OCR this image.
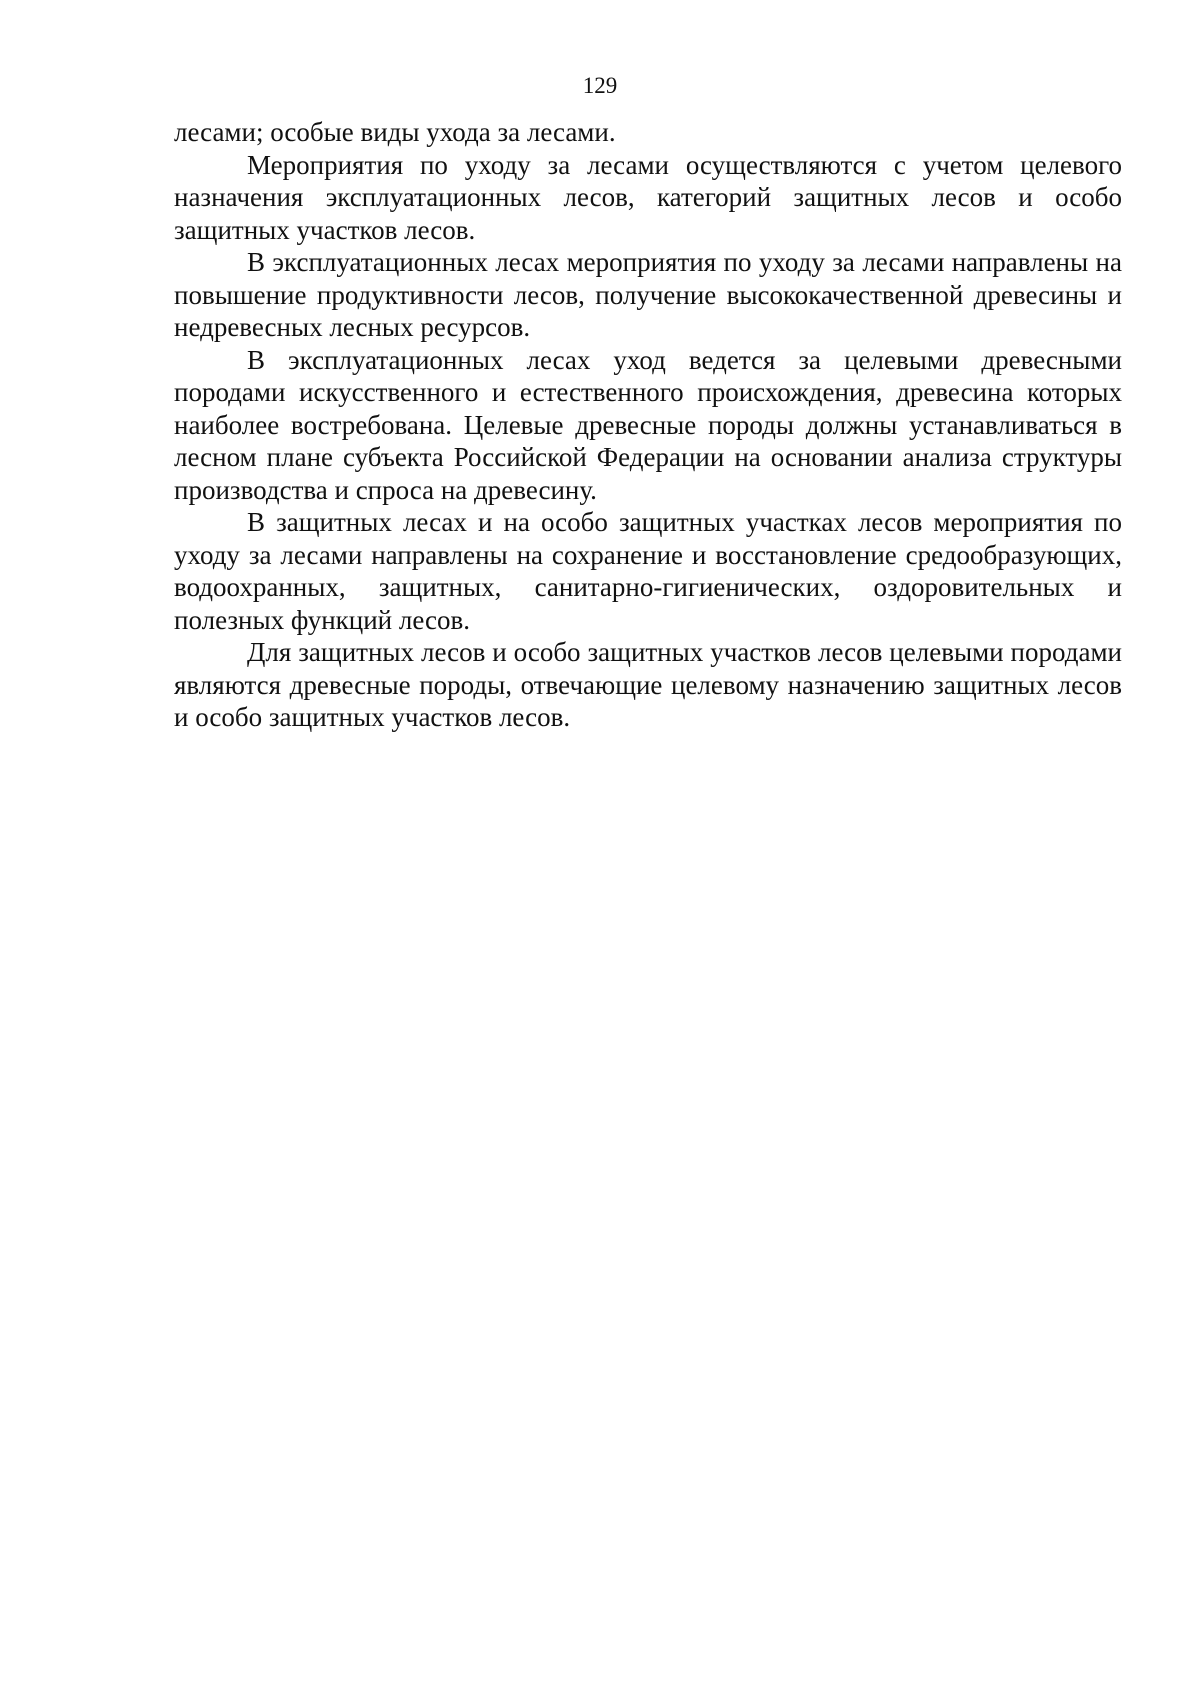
129

лесами; особые виды ухода за лесами.

Мероприятия по уходу за лесами осуществляются с учетом целевого назначения эксплуатационных лесов, категорий защитных лесов и особо защитных участков лесов.

В эксплуатационных лесах мероприятия по уходу за лесами направлены на повышение продуктивности лесов, получение высококачественной древесины и недревесных лесных ресурсов.

В эксплуатационных лесах уход ведется за целевыми древесными породами искусственного и естественного происхождения, древесина которых наиболее востребована. Целевые древесные породы должны устанавливаться в лесном плане субъекта Российской Федерации на основании анализа структуры производства и спроса на древесину.

В защитных лесах и на особо защитных участках лесов мероприятия по уходу за лесами направлены на сохранение и восстановление средообразующих, водоохранных, защитных, санитарно-гигиенических, оздоровительных и полезных функций лесов.

Для защитных лесов и особо защитных участков лесов целевыми породами являются древесные породы, отвечающие целевому назначению защитных лесов и особо защитных участков лесов.
